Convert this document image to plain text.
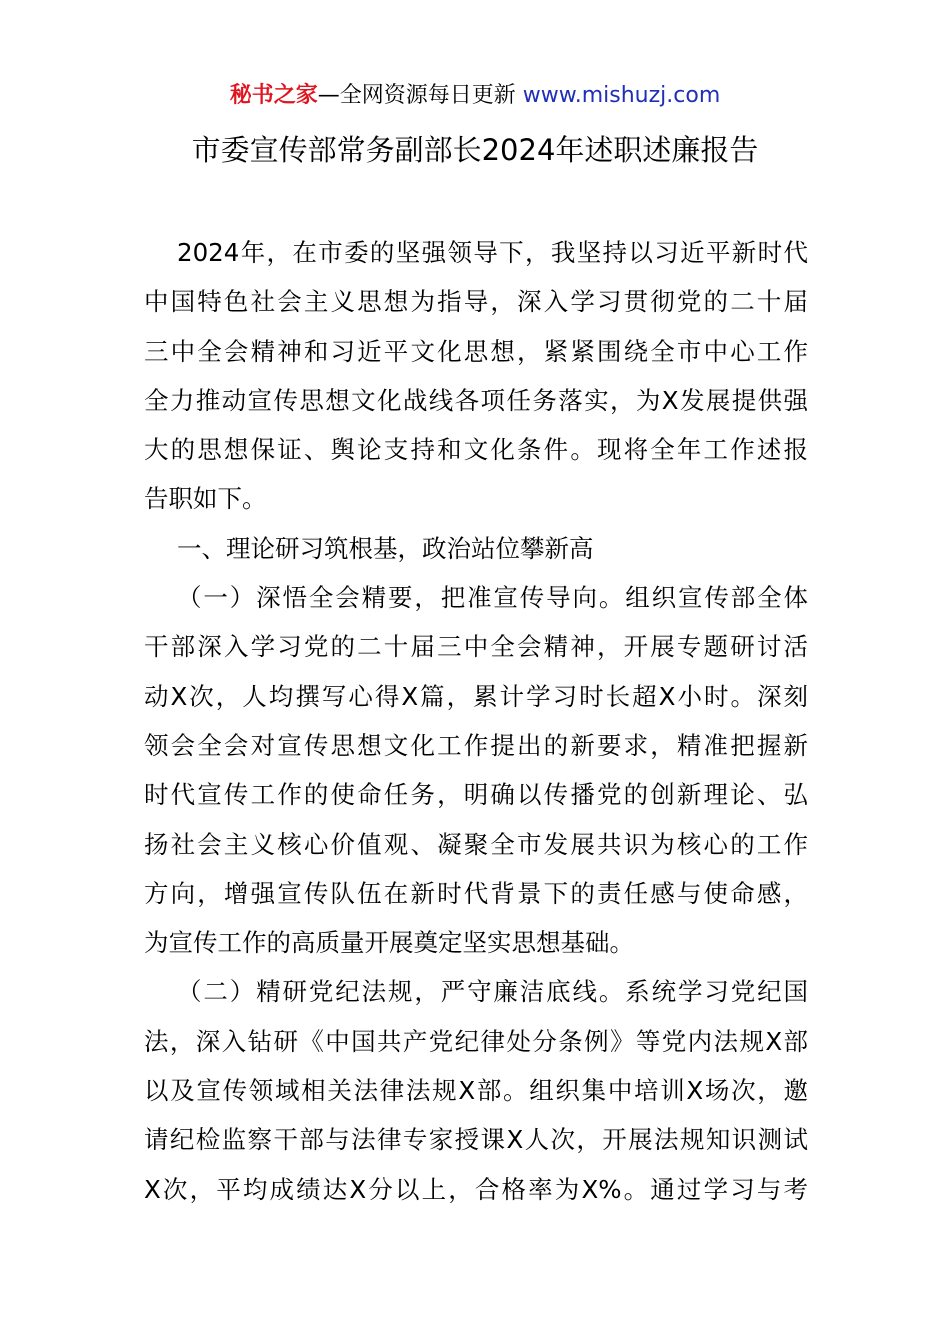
秘书之家—全网资源每日更新 www.mishuzj.com
市委宣传部常务副部长2024年述职述廉报告
2024年，在市委的坚强领导下，我坚持以习近平新时代
中国特色社会主义思想为指导，深入学习贯彻党的二十届
三中全会精神和习近平文化思想，紧紧围绕全市中心工作
全力推动宣传思想文化战线各项任务落实，为X发展提供强
大的思想保证、舆论支持和文化条件。现将全年工作述报
告职如下。
一、理论研习筑根基，政治站位攀新高
（一）深悟全会精要，把准宣传导向。组织宣传部全体
干部深入学习党的二十届三中全会精神，开展专题研讨活
动X次，人均撰写心得X篇，累计学习时长超X小时。深刻
领会全会对宣传思想文化工作提出的新要求，精准把握新
时代宣传工作的使命任务，明确以传播党的创新理论、弘
扬社会主义核心价值观、凝聚全市发展共识为核心的工作
方向，增强宣传队伍在新时代背景下的责任感与使命感，
为宣传工作的高质量开展奠定坚实思想基础。
（二）精研党纪法规，严守廉洁底线。系统学习党纪国
法，深入钻研《中国共产党纪律处分条例》等党内法规X部
以及宣传领域相关法律法规X部。组织集中培训X场次，邀
请纪检监察干部与法律专家授课X人次，开展法规知识测试
X次，平均成绩达X分以上，合格率为X%。通过学习与考
